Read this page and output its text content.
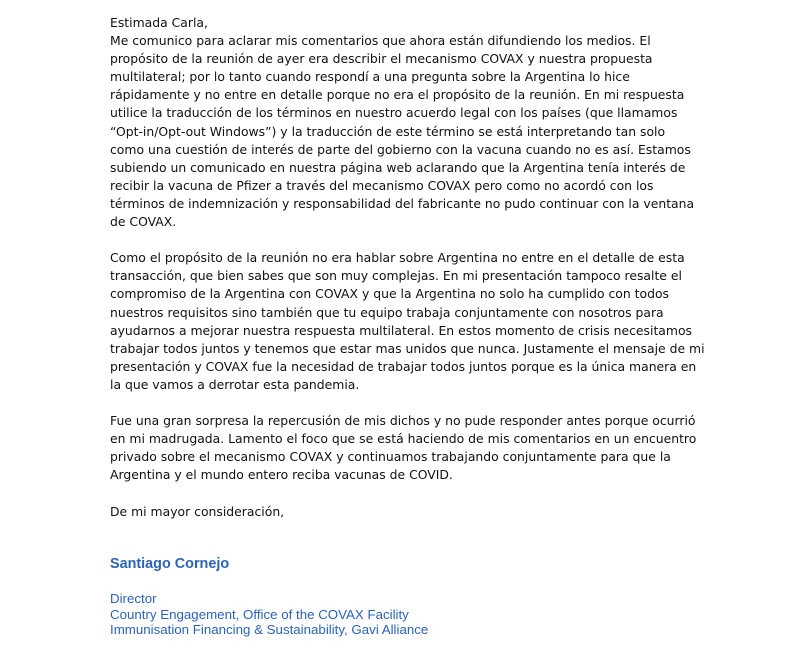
Estimada Carla,

Me comunico para aclarar mis comentarios que ahora están difundiendo los medios. El
propósito de la reunión de ayer era describir el mecanismo COVAX y nuestra propuesta
multilateral; por lo tanto cuando respondí a una pregunta sobre la Argentina lo hice
rápidamente y no entre en detalle porque no era el propósito de la reunión. En mi respuesta
utilice la traducción de los términos en nuestro acuerdo legal con los países (que llamamos
“Opt-in/Opt-out Windows”) y la traducción de este término se está interpretando tan solo
como una cuestión de interés de parte del gobierno con la vacuna cuando no es así. Estamos
subiendo un comunicado en nuestra página web aclarando que la Argentina tenía interés de
recibir la vacuna de Pfizer a través del mecanismo COVAX pero como no acordó con los
términos de indemnización y responsabilidad del fabricante no pudo continuar con la ventana
de COVAX.

Como el propósito de la reunión no era hablar sobre Argentina no entre en el detalle de esta
transacción, que bien sabes que son muy complejas. En mi presentación tampoco resalte el
compromiso de la Argentina con COVAX y que la Argentina no solo ha cumplido con todos
nuestros requisitos sino también que tu equipo trabaja conjuntamente con nosotros para
ayudarnos a mejorar nuestra respuesta multilateral. En estos momento de crisis necesitamos
trabajar todos juntos y tenemos que estar mas unidos que nunca. Justamente el mensaje de mi
presentación y COVAX fue la necesidad de trabajar todos juntos porque es la única manera en
la que vamos a derrotar esta pandemia.

Fue una gran sorpresa la repercusión de mis dichos y no pude responder antes porque ocurrió
en mi madrugada. Lamento el foco que se está haciendo de mis comentarios en un encuentro
privado sobre el mecanismo COVAX y continuamos trabajando conjuntamente para que la
Argentina y el mundo entero reciba vacunas de COVID.

De mi mayor consideración,

Santiago Cornejo
Director
Country Engagement, Office of the COVAX Facility
Immunisation Financing & Sustainability, Gavi Alliance
